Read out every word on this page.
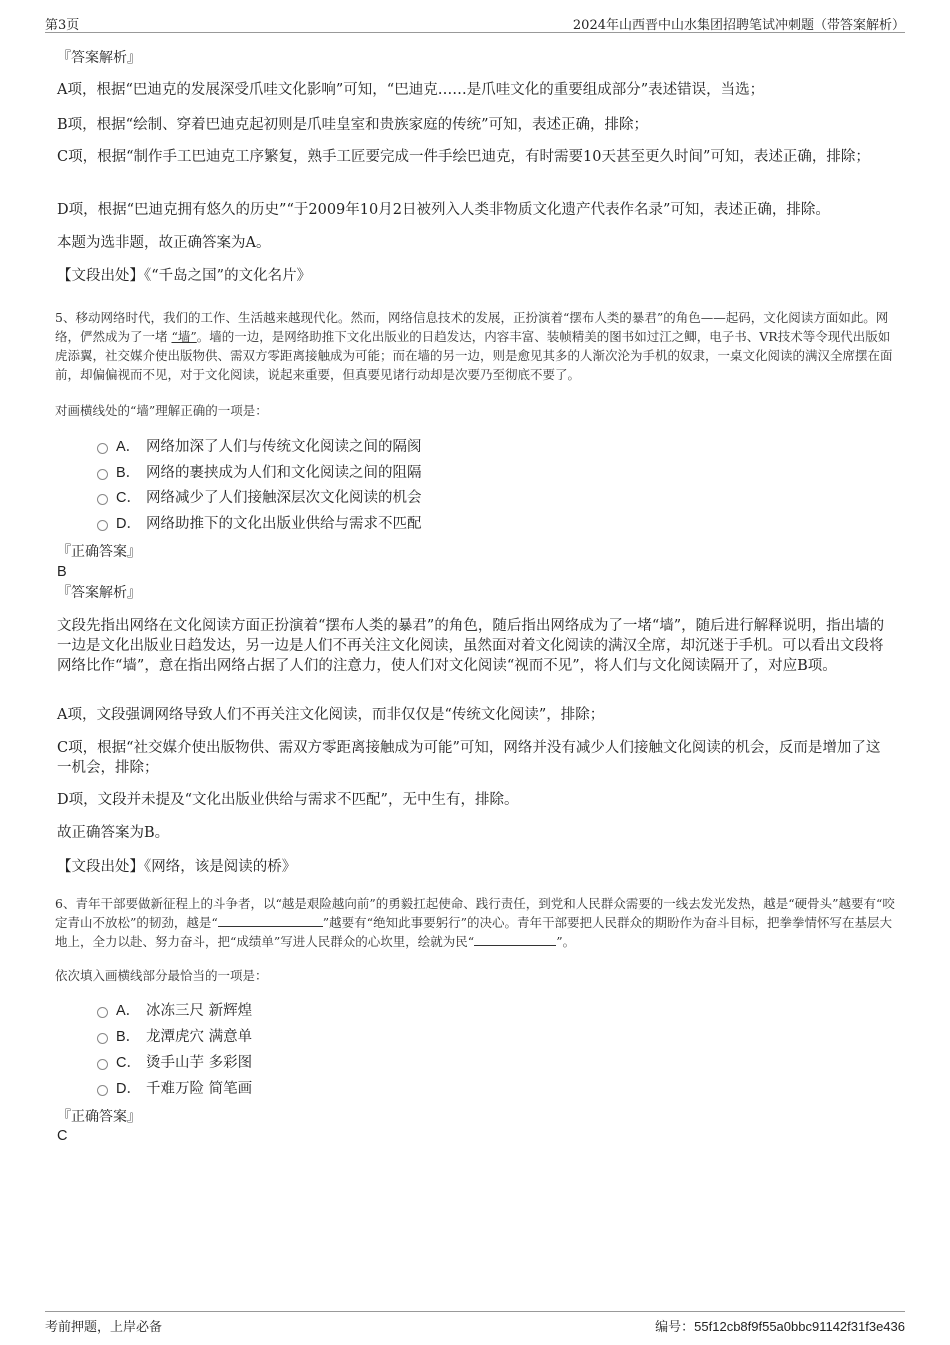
第3页	2024年山西晋中山水集团招聘笔试冲刺题（带答案解析）
『答案解析』
A项，根据“巴迪克的发展深受爪哇文化影响”可知，“巴迪克……是爪哇文化的重要组成部分”表述错误，当选；
B项，根据“绘制、穿着巴迪克起初则是爪哇皇室和贵族家庭的传统”可知，表述正确，排除；
C项，根据“制作手工巴迪克工序繁复，熟手工匠要完成一件手绘巴迪克，有时需要10天甚至更久时间”可知，表述正确，排除；
D项，根据“巴迪克拥有悠久的历史”“于2009年10月2日被列入人类非物质文化遗产代表作名录”可知，表述正确，排除。
本题为选非题，故正确答案为A。
【文段出处】《“千岛之国”的文化名片》
5、移动网络时代，我们的工作、生活越来越现代化。然而，网络信息技术的发展，正扮演着“摆布人类的暴君”的角色——起码，文化阅读方面如此。网络，俨然成为了一堵 “墙”。墙的一边，是网络助推下文化出版业的日趋发达，内容丰富、装帧精美的图书如过江之鲫，电子书、VR技术等令现代出版如虎添翼，社交媒介使出版物供、需双方零距离接触成为可能；而在墙的另一边，则是愈见其多的人渐次沦为手机的奴隶，一桌文化阅读的满汉全席摆在面前，却偏偏视而不见，对于文化阅读，说起来重要，但真要见诸行动却是次要乃至彻底不要了。
对画横线处的“墙”理解正确的一项是：
A． 网络加深了人们与传统文化阅读之间的隔阂
B． 网络的裹挟成为人们和文化阅读之间的阻隔
C． 网络减少了人们接触深层次文化阅读的机会
D． 网络助推下的文化出版业供给与需求不匹配
『正确答案』
B
『答案解析』
文段先指出网络在文化阅读方面正扮演着“摆布人类的暴君”的角色，随后指出网络成为了一堵“墙”，随后进行解释说明，指出墙的一边是文化出版业日趋发达，另一边是人们不再关注文化阅读，虽然面对着文化阅读的满汉全席，却沉迷于手机。可以看出文段将网络比作“墙”，意在指出网络占据了人们的注意力，使人们对文化阅读“视而不见”，将人们与文化阅读隔开了，对应B项。
A项，文段强调网络导致人们不再关注文化阅读，而非仅仅是“传统文化阅读”，排除；
C项，根据“社交媒介使出版物供、需双方零距离接触成为可能”可知，网络并没有减少人们接触文化阅读的机会，反而是增加了这一机会，排除；
D项，文段并未提及“文化出版业供给与需求不匹配”，无中生有，排除。
故正确答案为B。
【文段出处】《网络，该是阅读的桥》
6、青年干部要做新征程上的斗争者，以“越是艰险越向前”的勇毅扛起使命、践行责任，到党和人民群众需要的一线去发光发热，越是“硬骨头”越要有“咬定青山不放松”的韧劲，越是“	”越要有“绝知此事要躬行”的决心。青年干部要把人民群众的期盼作为奋斗目标，把拳拳情怀写在基层大地上，全力以赴、努力奋斗，把“成绩单”写进人民群众的心坎里，绘就为民“	”。
依次填入画横线部分最恰当的一项是：
A． 冰冻三尺 新辉煌
B． 龙潭虎穴 满意单
C． 烫手山芋 多彩图
D． 千难万险 简笔画
『正确答案』
C
考前押题，上岸必备	编号：55f12cb8f9f55a0bbc91142f31f3e436
